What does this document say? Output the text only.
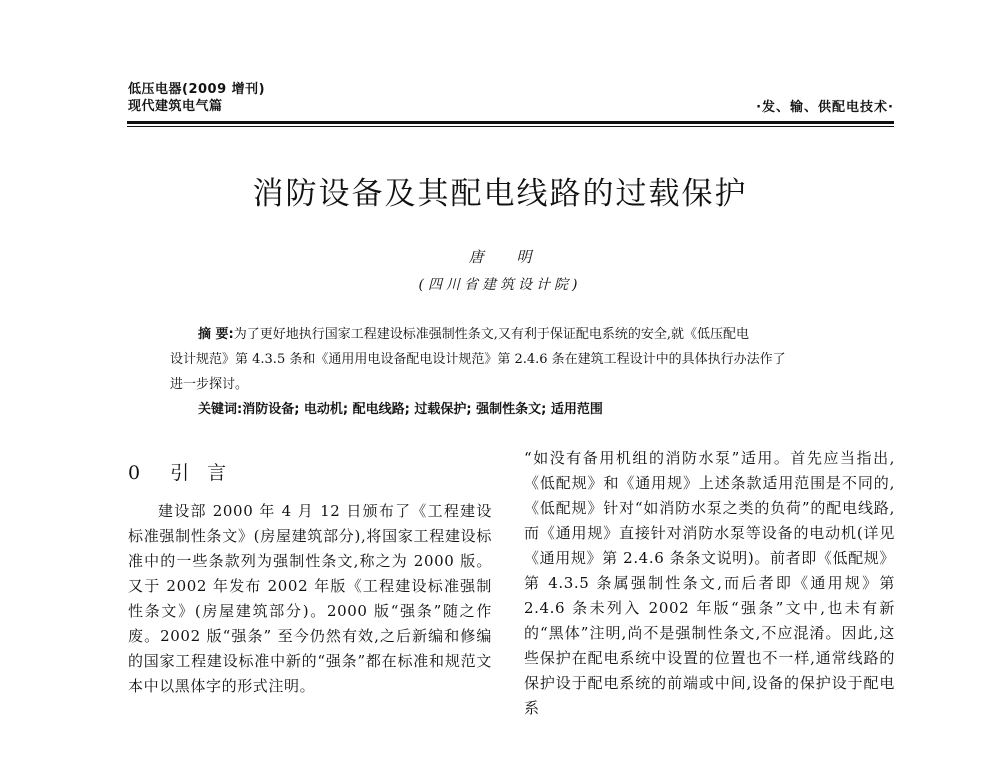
低压电器(2009 增刊)
现代建筑电气篇	·发、输、供配电技术·
消防设备及其配电线路的过载保护
唐 明
(四川省建筑设计院)
摘 要:为了更好地执行国家工程建设标准强制性条文,又有利于保证配电系统的安全,就《低压配电
设计规范》第 4.3.5 条和《通用用电设备配电设计规范》第 2.4.6 条在建筑工程设计中的具体执行办法作了
进一步探讨。
关键词:消防设备; 电动机; 配电线路; 过载保护; 强制性条文; 适用范围
0 引 言

建设部 2000 年 4 月 12 日颁布了《工程建设标准强制性条文》(房屋建筑部分),将国家工程建设标准中的一些条款列为强制性条文,称之为 2000 版。又于 2002 年发布 2002 年版《工程建设标准强制性条文》(房屋建筑部分)。2000 版“强条”随之作废。2002 版“强条” 至今仍然有效,之后新编和修编的国家工程建设标准中新的“强条”都在标准和规范文本中以黑体字的形式注明。

“如没有备用机组的消防水泵”适用。首先应当指出,《低配规》和《通用规》上述条款适用范围是不同的,《低配规》针对“如消防水泵之类的负荷”的配电线路,而《通用规》直接针对消防水泵等设备的电动机(详见《通用规》第 2.4.6 条条文说明)。前者即《低配规》第 4.3.5 条属强制性条文,而后者即《通用规》第 2.4.6 条未列入 2002 年版“强条”文中,也未有新的“黑体”注明,尚不是强制性条文,不应混淆。因此,这些保护在配电系统中设置的位置也不一样,通常线路的保护设于配电系统的前端或中间,设备的保护设于配电系
